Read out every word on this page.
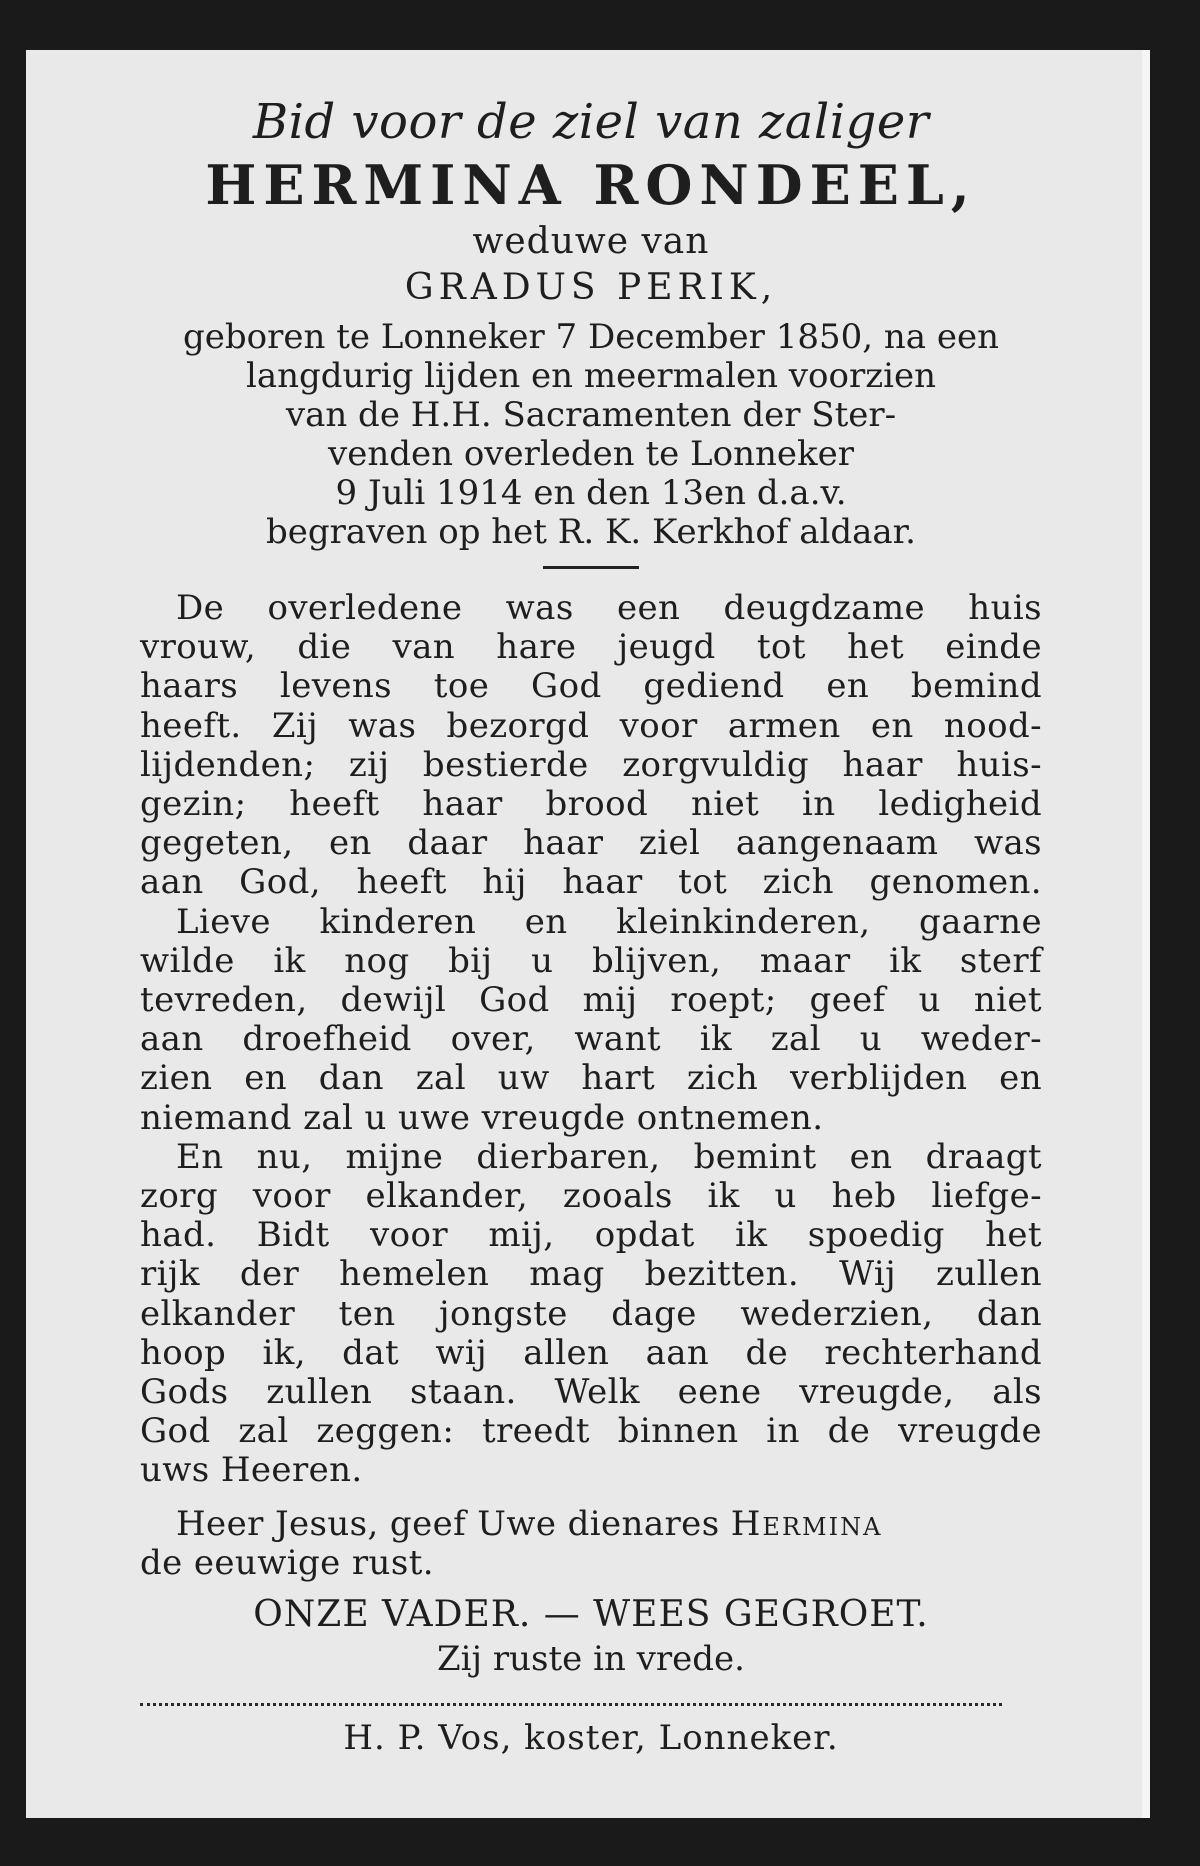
Bid voor de ziel van zaliger

HERMINA RONDEEL,

weduwe van

GRADUS PERIK,

geboren te Lonneker 7 December 1850, na een

langdurig lijden en meermalen voorzien

van de H.H. Sacramenten der Ster-

venden overleden te Lonneker

9 Juli 1914 en den 13en d.a.v.

begraven op het R. K. Kerkhof aldaar.

De overledene was een deugdzame huis

vrouw, die van hare jeugd tot het einde

haars levens toe God gediend en bemind

heeft. Zij was bezorgd voor armen en nood-

lijdenden; zij bestierde zorgvuldig haar huis-

gezin; heeft haar brood niet in ledigheid

gegeten, en daar haar ziel aangenaam was

aan God, heeft hij haar tot zich genomen.

Lieve kinderen en kleinkinderen, gaarne

wilde ik nog bij u blijven, maar ik sterf

tevreden, dewijl God mij roept; geef u niet

aan droefheid over, want ik zal u weder-

zien en dan zal uw hart zich verblijden en

niemand zal u uwe vreugde ontnemen.

En nu, mijne dierbaren, bemint en draagt

zorg voor elkander, zooals ik u heb liefge-

had. Bidt voor mij, opdat ik spoedig het

rijk der hemelen mag bezitten. Wij zullen

elkander ten jongste dage wederzien, dan

hoop ik, dat wij allen aan de rechterhand

Gods zullen staan. Welk eene vreugde, als

God zal zeggen: treedt binnen in de vreugde

uws Heeren.

Heer Jesus, geef Uwe dienares Hermina

de eeuwige rust.

ONZE VADER. — WEES GEGROET.

Zij ruste in vrede.

H. P. Vos, koster, Lonneker.
